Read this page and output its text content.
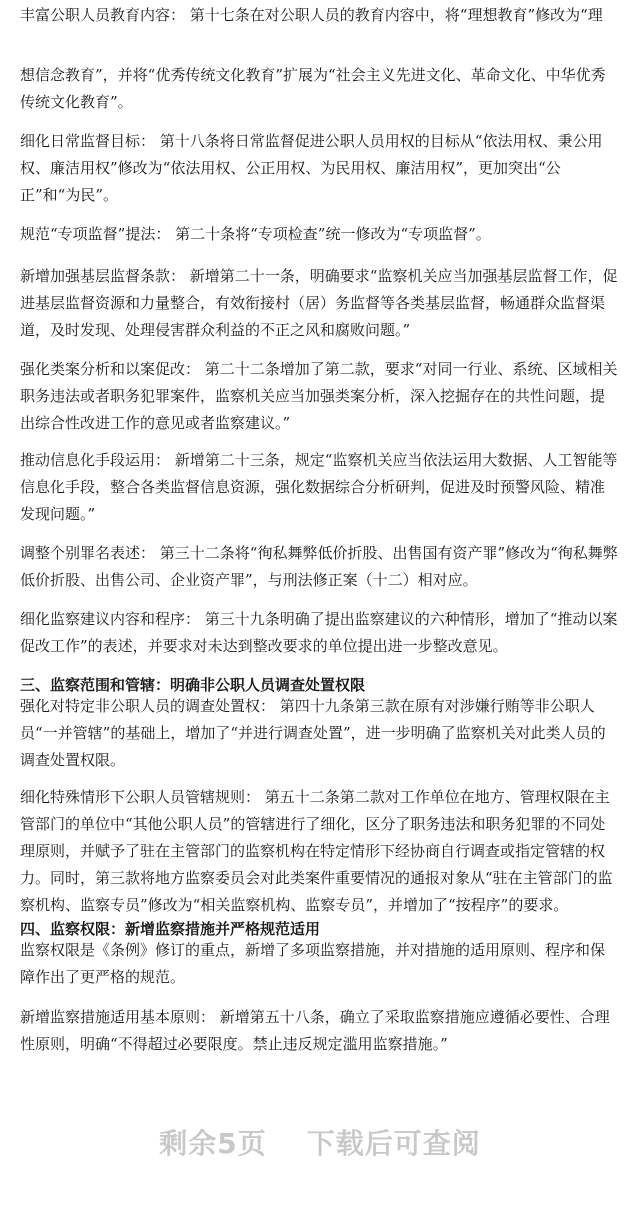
丰富公职人员教育内容： 第十七条在对公职人员的教育内容中，将“理想教育”修改为“理
想信念教育”，并将“优秀传统文化教育”扩展为“社会主义先进文化、革命文化、中华优秀传统文化教育”。
细化日常监督目标： 第十八条将日常监督促进公职人员用权的目标从“依法用权、秉公用权、廉洁用权”修改为“依法用权、公正用权、为民用权、廉洁用权”，更加突出“公正”和“为民”。
规范“专项监督”提法： 第二十条将“专项检查”统一修改为“专项监督”。
新增加强基层监督条款： 新增第二十一条，明确要求“监察机关应当加强基层监督工作，促进基层监督资源和力量整合，有效衔接村（居）务监督等各类基层监督，畅通群众监督渠道，及时发现、处理侵害群众利益的不正之风和腐败问题。”
强化类案分析和以案促改： 第二十二条增加了第二款，要求“对同一行业、系统、区域相关职务违法或者职务犯罪案件，监察机关应当加强类案分析，深入挖掘存在的共性问题，提出综合性改进工作的意见或者监察建议。”
推动信息化手段运用： 新增第二十三条，规定“监察机关应当依法运用大数据、人工智能等信息化手段，整合各类监督信息资源，强化数据综合分析研判，促进及时预警风险、精准发现问题。”
调整个别罪名表述： 第三十二条将“徇私舞弊低价折股、出售国有资产罪”修改为“徇私舞弊低价折股、出售公司、企业资产罪”，与刑法修正案（十二）相对应。
细化监察建议内容和程序： 第三十九条明确了提出监察建议的六种情形，增加了“推动以案促改工作”的表述，并要求对未达到整改要求的单位提出进一步整改意见。
三、监察范围和管辖：明确非公职人员调查处置权限
强化对特定非公职人员的调查处置权： 第四十九条第三款在原有对涉嫌行贿等非公职人员“一并管辖”的基础上，增加了“并进行调查处置”，进一步明确了监察机关对此类人员的调查处置权限。
细化特殊情形下公职人员管辖规则： 第五十二条第二款对工作单位在地方、管理权限在主管部门的单位中“其他公职人员”的管辖进行了细化，区分了职务违法和职务犯罪的不同处理原则，并赋予了驻在主管部门的监察机构在特定情形下经协商自行调查或指定管辖的权力。同时，第三款将地方监察委员会对此类案件重要情况的通报对象从“驻在主管部门的监察机构、监察专员”修改为“相关监察机构、监察专员”，并增加了“按程序”的要求。
四、监察权限：新增监察措施并严格规范适用
监察权限是《条例》修订的重点，新增了多项监察措施，并对措施的适用原则、程序和保障作出了更严格的规范。
新增监察措施适用基本原则： 新增第五十八条，确立了采取监察措施应遵循必要性、合理性原则，明确“不得超过必要限度。禁止违反规定滥用监察措施。”
剩余5页 下载后可查阅
